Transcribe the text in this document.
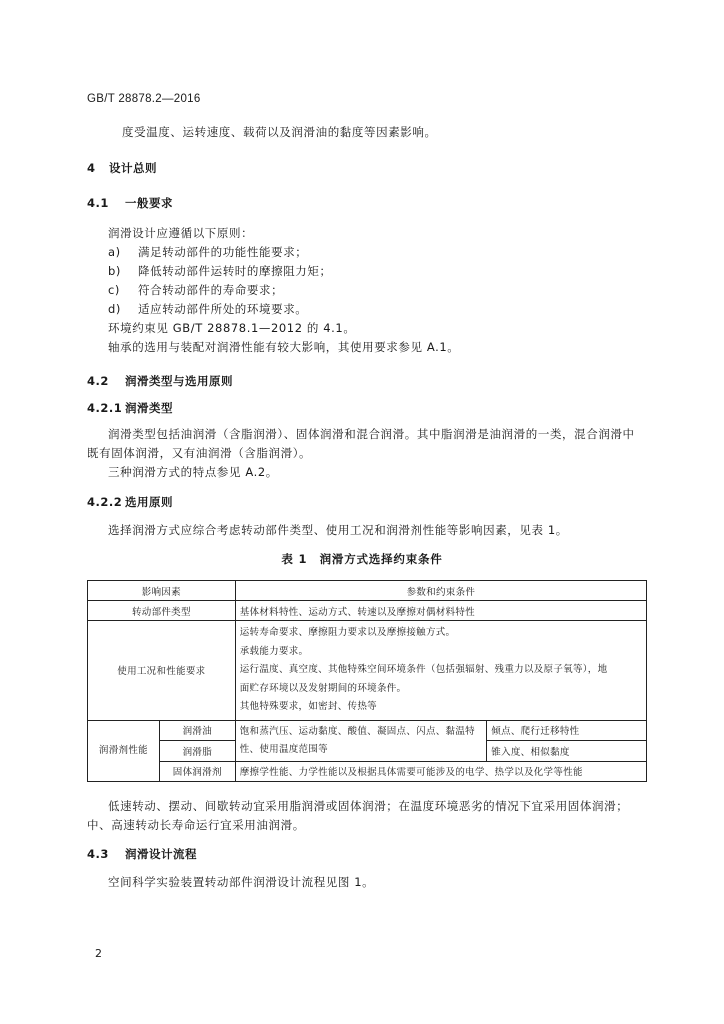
GB/T 28878.2—2016
度受温度、运转速度、载荷以及润滑油的黏度等因素影响。
4 设计总则
4.1 一般要求
润滑设计应遵循以下原则：
a) 满足转动部件的功能性能要求；
b) 降低转动部件运转时的摩擦阻力矩；
c) 符合转动部件的寿命要求；
d) 适应转动部件所处的环境要求。
环境约束见 GB/T 28878.1—2012 的 4.1。
轴承的选用与装配对润滑性能有较大影响，其使用要求参见 A.1。
4.2 润滑类型与选用原则
4.2.1 润滑类型
润滑类型包括油润滑（含脂润滑）、固体润滑和混合润滑。其中脂润滑是油润滑的一类，混合润滑中
既有固体润滑，又有油润滑（含脂润滑）。
三种润滑方式的特点参见 A.2。
4.2.2 选用原则
选择润滑方式应综合考虑转动部件类型、使用工况和润滑剂性能等影响因素，见表 1。
表 1　润滑方式选择约束条件
影响因素		参数和约束条件	
转动部件类型		基体材料特性、运动方式、转速以及摩擦对偶材料特性	
使用工况和性能要求		运转寿命要求、摩擦阻力要求以及摩擦接触方式。
承载能力要求。
运行温度、真空度、其他特殊空间环境条件（包括强辐射、残重力以及原子氧等），地
面贮存环境以及发射期间的环境条件。
其他特殊要求，如密封、传热等	

润滑剂性能	润滑油	饱和蒸汽压、运动黏度、酸值、凝固点、闪点、黏温特性、使用温度范围等	倾点、爬行迁移特性
	润滑脂		锥入度、相似黏度
	固体润滑剂	摩擦学性能、力学性能以及根据具体需要可能涉及的电学、热学以及化学等性能	
低速转动、摆动、间歇转动宜采用脂润滑或固体润滑；在温度环境恶劣的情况下宜采用固体润滑；
中、高速转动长寿命运行宜采用油润滑。
4.3 润滑设计流程
空间科学实验装置转动部件润滑设计流程见图 1。
2
